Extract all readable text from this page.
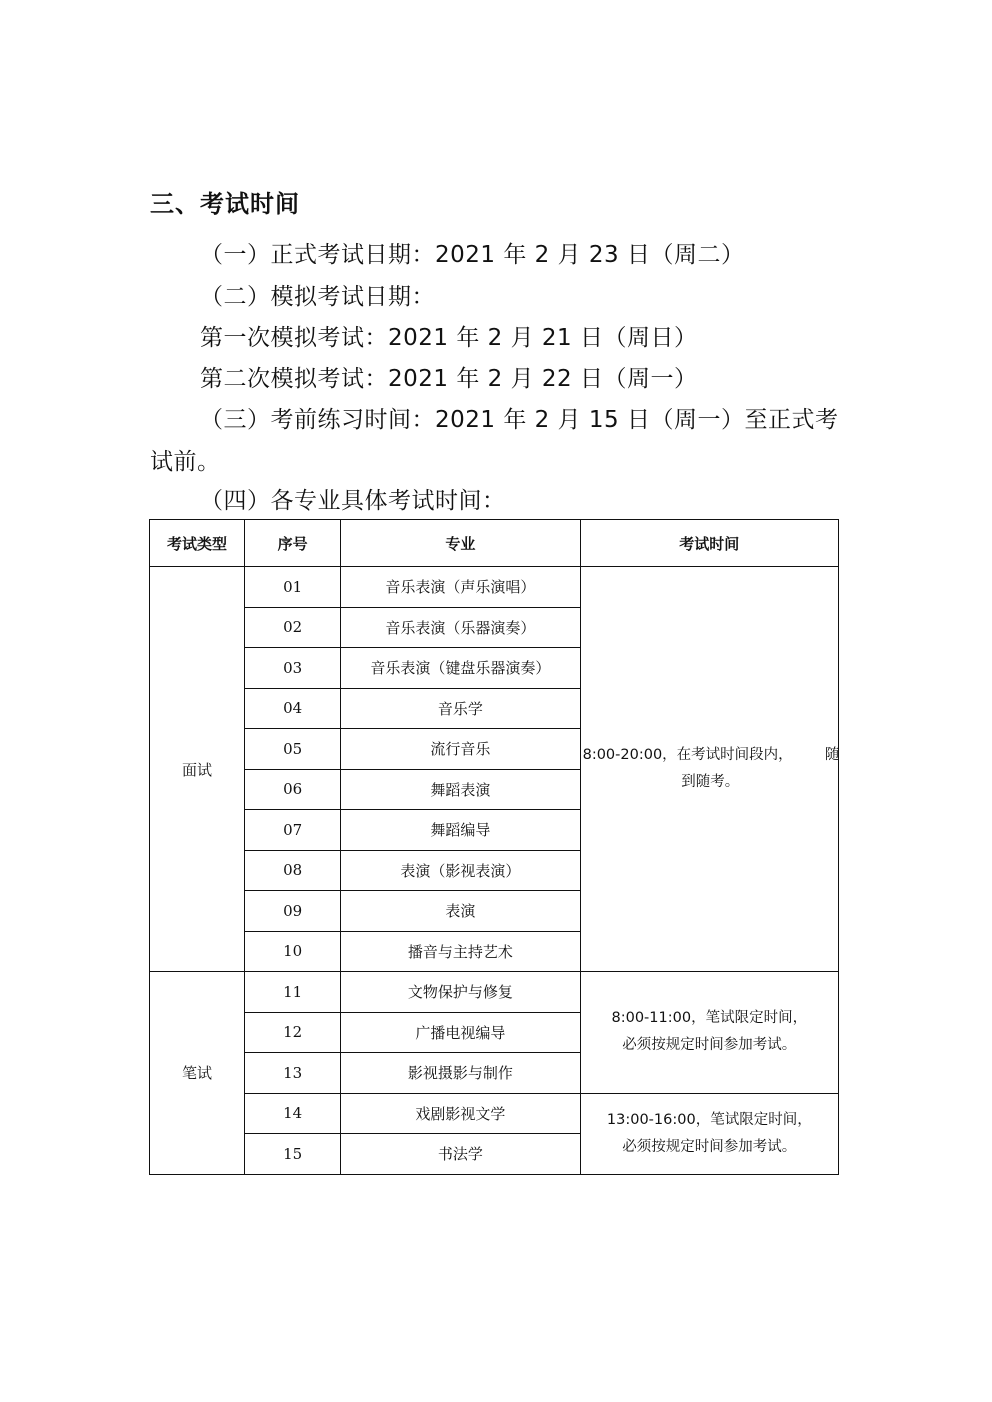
三、考试时间
（一）正式考试日期：2021 年 2 月 23 日（周二）
（二）模拟考试日期：
第一次模拟考试：2021 年 2 月 21 日（周日）
第二次模拟考试：2021 年 2 月 22 日（周一）
（三）考前练习时间：2021 年 2 月 15 日（周一）至正式考
试前。
（四）各专业具体考试时间：
考试类型	序号	专业	考试时间
面试	01	音乐表演（声乐演唱）	8:00-20:00，在考试时间段内，       随
到随考。

	02	音乐表演（乐器演奏）	
	03	音乐表演（键盘乐器演奏）	
	04	音乐学	
	05	流行音乐	
	06	舞蹈表演	
	07	舞蹈编导	
	08	表演（影视表演）	
	09	表演	
	10	播音与主持艺术	
笔试	11	文物保护与修复	8:00-11:00，笔试限定时间，
必须按规定时间参加考试。

	12	广播电视编导	
	13	影视摄影与制作	
	14	戏剧影视文学	13:00-16:00，笔试限定时间，
必须按规定时间参加考试。

	15	书法学	
